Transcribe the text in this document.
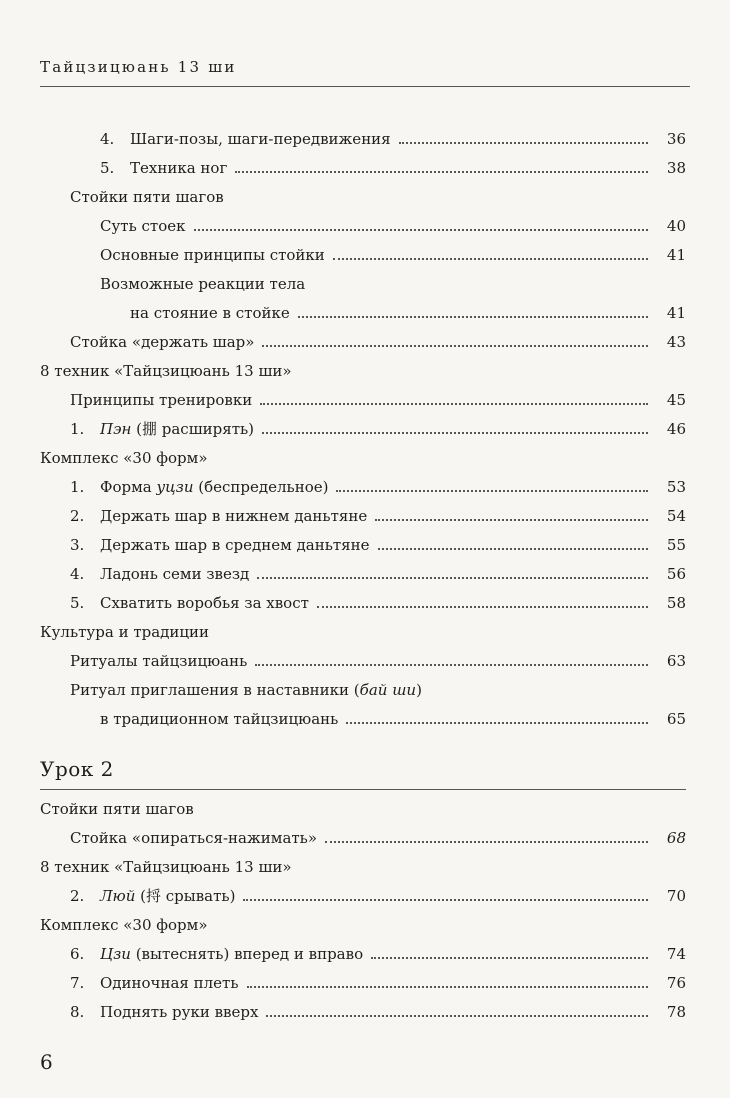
Тайцзицюань 13 ши
4.	Шаги-позы, шаги-передвижения	36
5.	Техника ног	38
Стойки пяти шагов
Суть стоек	40
Основные принципы стойки	41
Возможные реакции тела
на стояние в стойке	41
Стойка «держать шар»	43
8 техник «Тайцзицюань 13 ши»
Принципы тренировки	45
1.	Пэн (掤 расширять)	46
Комплекс «30 форм»
1.	Форма уцзи (беспредельное)	53
2.	Держать шар в нижнем даньтяне	54
3.	Держать шар в среднем даньтяне	55
4.	Ладонь семи звезд	56
5.	Схватить воробья за хвост	58
Культура и традиции
Ритуалы тайцзицюань	63
Ритуал приглашения в наставники (бай ши)
в традиционном тайцзицюань	65
Урок 2
Стойки пяти шагов
Стойка «опираться-нажимать»	68
8 техник «Тайцзицюань 13 ши»
2.	Люй (捋 срывать)	70
Комплекс «30 форм»
6.	Цзи (вытеснять) вперед и вправо	74
7.	Одиночная плеть	76
8.	Поднять руки вверх	78
6
